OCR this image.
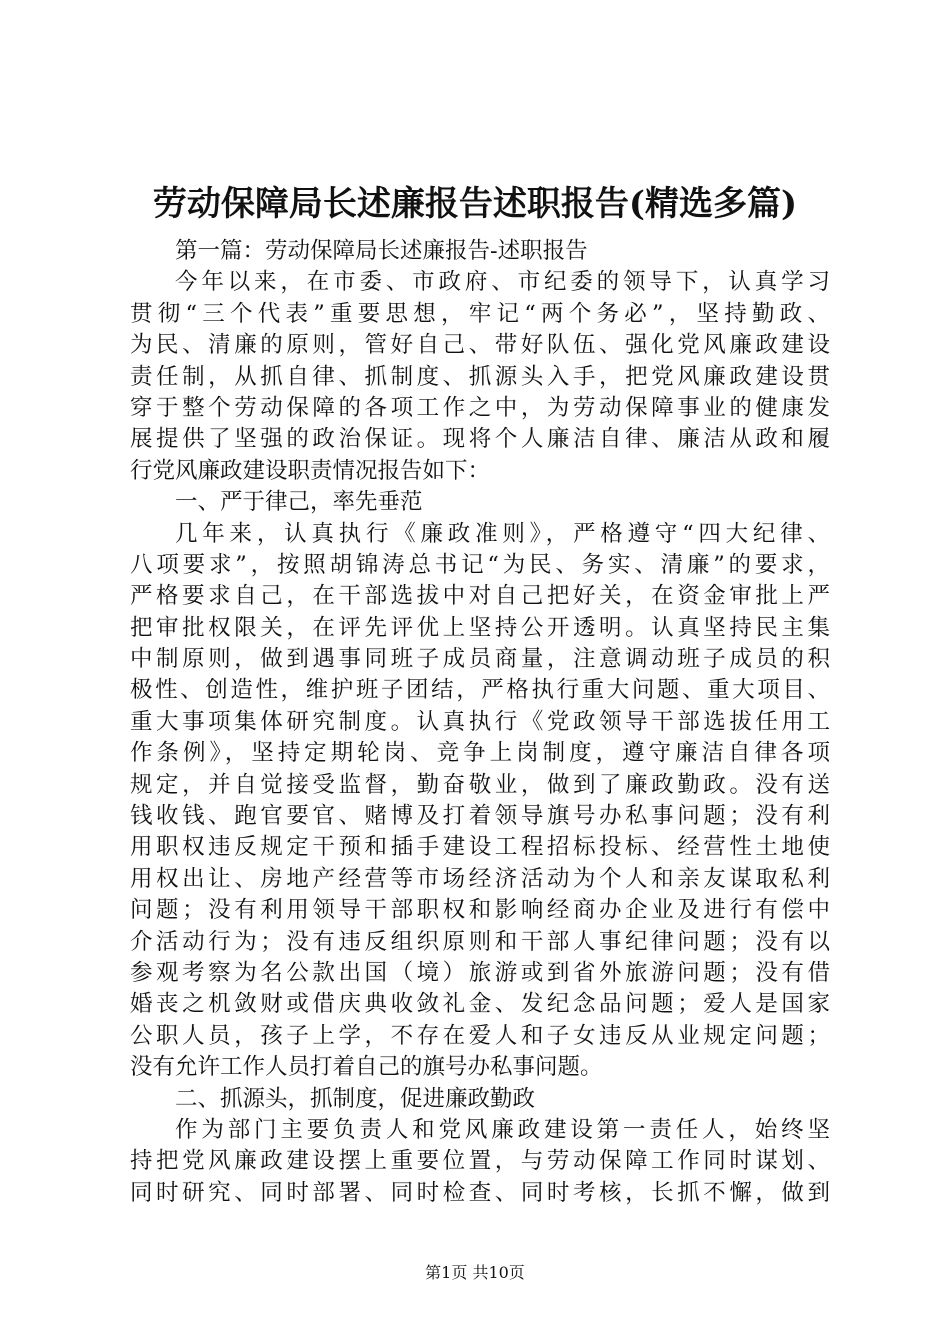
劳动保障局长述廉报告述职报告(精选多篇)
第一篇：劳动保障局长述廉报告-述职报告
今年以来，在市委、市政府、市纪委的领导下，认真学习
贯彻“三个代表”重要思想，牢记“两个务必”，坚持勤政、
为民、清廉的原则，管好自己、带好队伍、强化党风廉政建设
责任制，从抓自律、抓制度、抓源头入手，把党风廉政建设贯
穿于整个劳动保障的各项工作之中，为劳动保障事业的健康发
展提供了坚强的政治保证。现将个人廉洁自律、廉洁从政和履
行党风廉政建设职责情况报告如下：
一、严于律己，率先垂范
几年来，认真执行《廉政准则》，严格遵守“四大纪律、
八项要求”，按照胡锦涛总书记“为民、务实、清廉”的要求，
严格要求自己，在干部选拔中对自己把好关，在资金审批上严
把审批权限关，在评先评优上坚持公开透明。认真坚持民主集
中制原则，做到遇事同班子成员商量，注意调动班子成员的积
极性、创造性，维护班子团结，严格执行重大问题、重大项目、
重大事项集体研究制度。认真执行《党政领导干部选拔任用工
作条例》，坚持定期轮岗、竞争上岗制度，遵守廉洁自律各项
规定，并自觉接受监督，勤奋敬业，做到了廉政勤政。没有送
钱收钱、跑官要官、赌博及打着领导旗号办私事问题；没有利
用职权违反规定干预和插手建设工程招标投标、经营性土地使
用权出让、房地产经营等市场经济活动为个人和亲友谋取私利
问题；没有利用领导干部职权和影响经商办企业及进行有偿中
介活动行为；没有违反组织原则和干部人事纪律问题；没有以
参观考察为名公款出国（境）旅游或到省外旅游问题；没有借
婚丧之机敛财或借庆典收敛礼金、发纪念品问题；爱人是国家
公职人员，孩子上学，不存在爱人和子女违反从业规定问题；
没有允许工作人员打着自己的旗号办私事问题。
二、抓源头，抓制度，促进廉政勤政
作为部门主要负责人和党风廉政建设第一责任人，始终坚
持把党风廉政建设摆上重要位置，与劳动保障工作同时谋划、
同时研究、同时部署、同时检查、同时考核，长抓不懈，做到
第1页 共10页
